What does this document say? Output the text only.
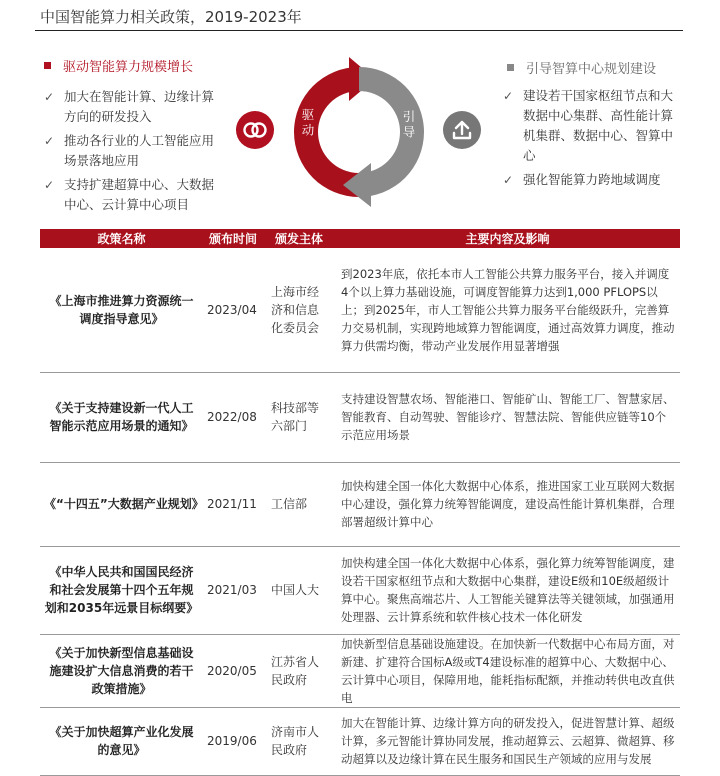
中国智能算力相关政策，2019-2023年
驱动智能算力规模增长
✓ 加大在智能计算、边缘计算方向的研发投入
✓ 推动各行业的人工智能应用场景落地应用
✓ 支持扩建超算中心、大数据中心、云计算中心项目
驱动	引导
引导智算中心规划建设
✓ 建设若干国家枢纽节点和大数据中心集群、高性能计算机集群、数据中心、智算中心
✓ 强化智能算力跨地域调度
政策名称	颁布时间	颁发主体	主要内容及影响
《上海市推进算力资源统一调度指导意见》	2023/04	上海市经济和信息化委员会	到2023年底，依托本市人工智能公共算力服务平台，接入并调度4个以上算力基础设施，可调度智能算力达到1,000 PFLOPS以上；到2025年，市人工智能公共算力服务平台能级跃升，完善算力交易机制，实现跨地域算力智能调度，通过高效算力调度，推动算力供需均衡，带动产业发展作用显著增强
《关于支持建设新一代人工智能示范应用场景的通知》	2022/08	科技部等六部门	支持建设智慧农场、智能港口、智能矿山、智能工厂、智慧家居、智能教育、自动驾驶、智能诊疗、智慧法院、智能供应链等10个示范应用场景
《“十四五”大数据产业规划》	2021/11	工信部	加快构建全国一体化大数据中心体系，推进国家工业互联网大数据中心建设，强化算力统筹智能调度，建设高性能计算机集群，合理部署超级计算中心
《中华人民共和国国民经济和社会发展第十四个五年规划和2035年远景目标纲要》	2021/03	中国人大	加快构建全国一体化大数据中心体系，强化算力统筹智能调度，建设若干国家枢纽节点和大数据中心集群，建设E级和10E级超级计算中心。聚焦高端芯片、人工智能关键算法等关键领域，加强通用处理器、云计算系统和软件核心技术一体化研发
《关于加快新型信息基础设施建设扩大信息消费的若干政策措施》	2020/05	江苏省人民政府	加快新型信息基础设施建设。在加快新一代数据中心布局方面，对新建、扩建符合国标A级或T4建设标准的超算中心、大数据中心、云计算中心项目，保障用地，能耗指标配额，并推动转供电改直供电
《关于加快超算产业化发展的意见》	2019/06	济南市人民政府	加大在智能计算、边缘计算方向的研发投入，促进智慧计算、超级计算，多元智能计算协同发展，推动超算云、云超算、微超算、移动超算以及边缘计算在民生服务和国民生产领域的应用与发展
